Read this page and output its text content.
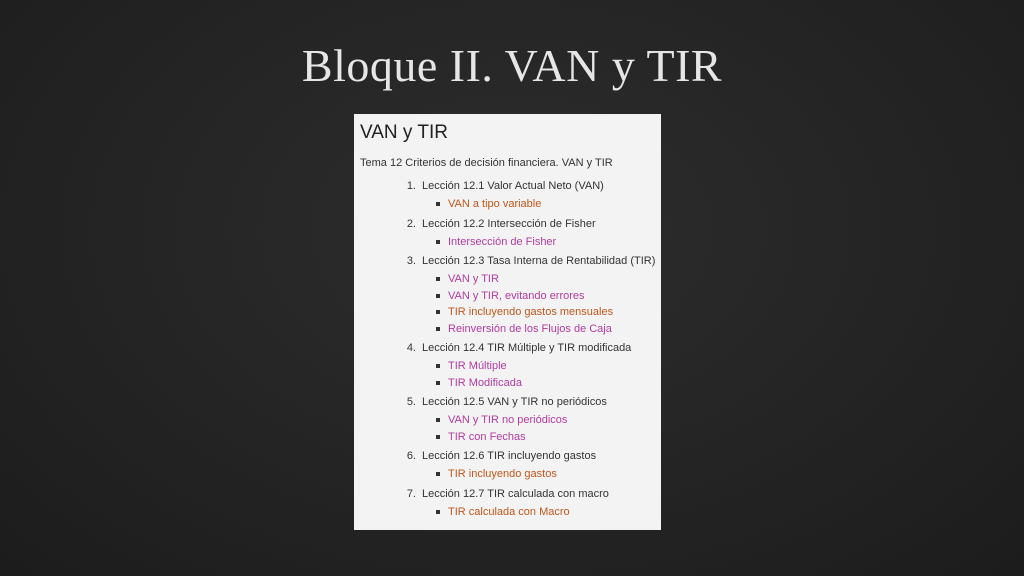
Bloque II. VAN y TIR
VAN y TIR
Tema 12 Criterios de decisión financiera. VAN y TIR
1. Lección 12.1 Valor Actual Neto (VAN)
VAN a tipo variable
2. Lección 12.2 Intersección de Fisher
Intersección de Fisher
3. Lección 12.3 Tasa Interna de Rentabilidad (TIR)
VAN y TIR
VAN y TIR, evitando errores
TIR incluyendo gastos mensuales
Reinversión de los Flujos de Caja
4. Lección 12.4 TIR Múltiple y TIR modificada
TIR Múltiple
TIR Modificada
5. Lección 12.5 VAN y TIR no periódicos
VAN y TIR no periódicos
TIR con Fechas
6. Lección 12.6 TIR incluyendo gastos
TIR incluyendo gastos
7. Lección 12.7 TIR calculada con macro
TIR calculada con Macro
